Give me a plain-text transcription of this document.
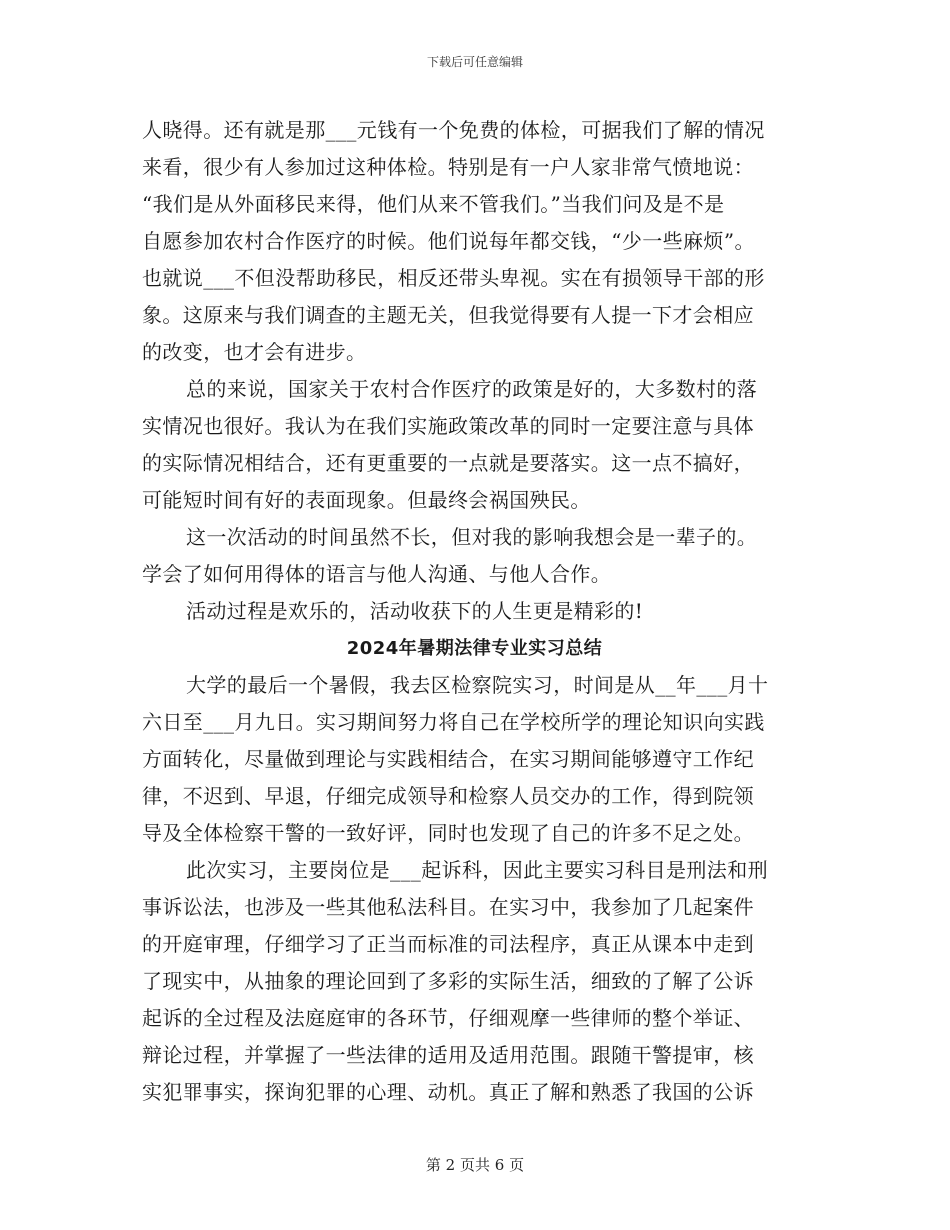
下载后可任意编辑
人晓得。还有就是那___元钱有一个免费的体检，可据我们了解的情况
来看，很少有人参加过这种体检。特别是有一户人家非常气愤地说：
“我们是从外面移民来得，他们从来不管我们。”当我们问及是不是
自愿参加农村合作医疗的时候。他们说每年都交钱，“少一些麻烦”。
也就说___不但没帮助移民，相反还带头卑视。实在有损领导干部的形
象。这原来与我们调查的主题无关，但我觉得要有人提一下才会相应
的改变，也才会有进步。
总的来说，国家关于农村合作医疗的政策是好的，大多数村的落
实情况也很好。我认为在我们实施政策改革的同时一定要注意与具体
的实际情况相结合，还有更重要的一点就是要落实。这一点不搞好，
可能短时间有好的表面现象。但最终会祸国殃民。
这一次活动的时间虽然不长，但对我的影响我想会是一辈子的。
学会了如何用得体的语言与他人沟通、与他人合作。
活动过程是欢乐的，活动收获下的人生更是精彩的!
2024年暑期法律专业实习总结
大学的最后一个暑假，我去区检察院实习，时间是从__年___月十
六日至___月九日。实习期间努力将自己在学校所学的理论知识向实践
方面转化，尽量做到理论与实践相结合，在实习期间能够遵守工作纪
律，不迟到、早退，仔细完成领导和检察人员交办的工作，得到院领
导及全体检察干警的一致好评，同时也发现了自己的许多不足之处。
此次实习，主要岗位是___起诉科，因此主要实习科目是刑法和刑
事诉讼法，也涉及一些其他私法科目。在实习中，我参加了几起案件
的开庭审理，仔细学习了正当而标准的司法程序，真正从课本中走到
了现实中，从抽象的理论回到了多彩的实际生活，细致的了解了公诉
起诉的全过程及法庭庭审的各环节，仔细观摩一些律师的整个举证、
辩论过程，并掌握了一些法律的适用及适用范围。跟随干警提审，核
实犯罪事实，探询犯罪的心理、动机。真正了解和熟悉了我国的公诉
第 2 页共 6 页
